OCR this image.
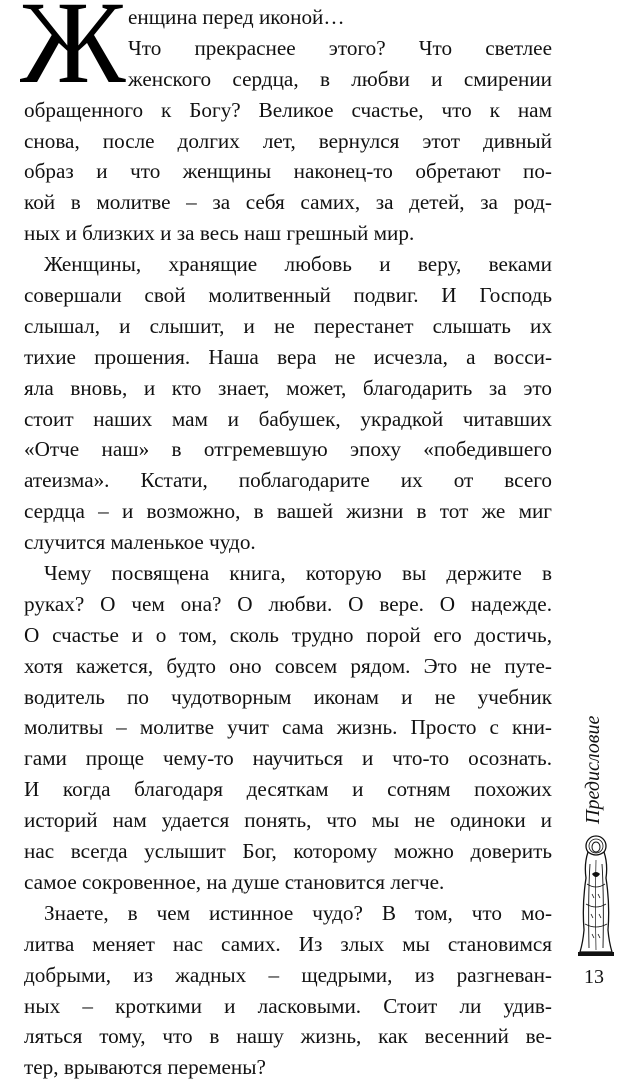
Ж енщина перед иконой…
Что прекраснее этого? Что светлее
женского сердца, в любви и смирении
обращенного к Богу? Великое счастье, что к нам
снова, после долгих лет, вернулся этот дивный
образ и что женщины наконец-то обретают по-
кой в молитве – за себя самих, за детей, за род-
ных и близких и за весь наш грешный мир.
Женщины, хранящие любовь и веру, веками
совершали свой молитвенный подвиг. И Господь
слышал, и слышит, и не перестанет слышать их
тихие прошения. Наша вера не исчезла, а восси-
яла вновь, и кто знает, может, благодарить за это
стоит наших мам и бабушек, украдкой читавших
«Отче наш» в отгремевшую эпоху «победившего
атеизма». Кстати, поблагодарите их от всего
сердца – и возможно, в вашей жизни в тот же миг
случится маленькое чудо.
Чему посвящена книга, которую вы держите в
руках? О чем она? О любви. О вере. О надежде.
О счастье и о том, сколь трудно порой его достичь,
хотя кажется, будто оно совсем рядом. Это не путе-
водитель по чудотворным иконам и не учебник
молитвы – молитве учит сама жизнь. Просто с кни-
гами проще чему-то научиться и что-то осознать.
И когда благодаря десяткам и сотням похожих
историй нам удается понять, что мы не одиноки и
нас всегда услышит Бог, которому можно доверить
самое сокровенное, на душе становится легче.
Знаете, в чем истинное чудо? В том, что мо-
литва меняет нас самих. Из злых мы становимся
добрыми, из жадных – щедрыми, из разгневан-
ных – кроткими и ласковыми. Стоит ли удив-
ляться тому, что в нашу жизнь, как весенний ве-
тер, врываются перемены?
Предисловие
13
